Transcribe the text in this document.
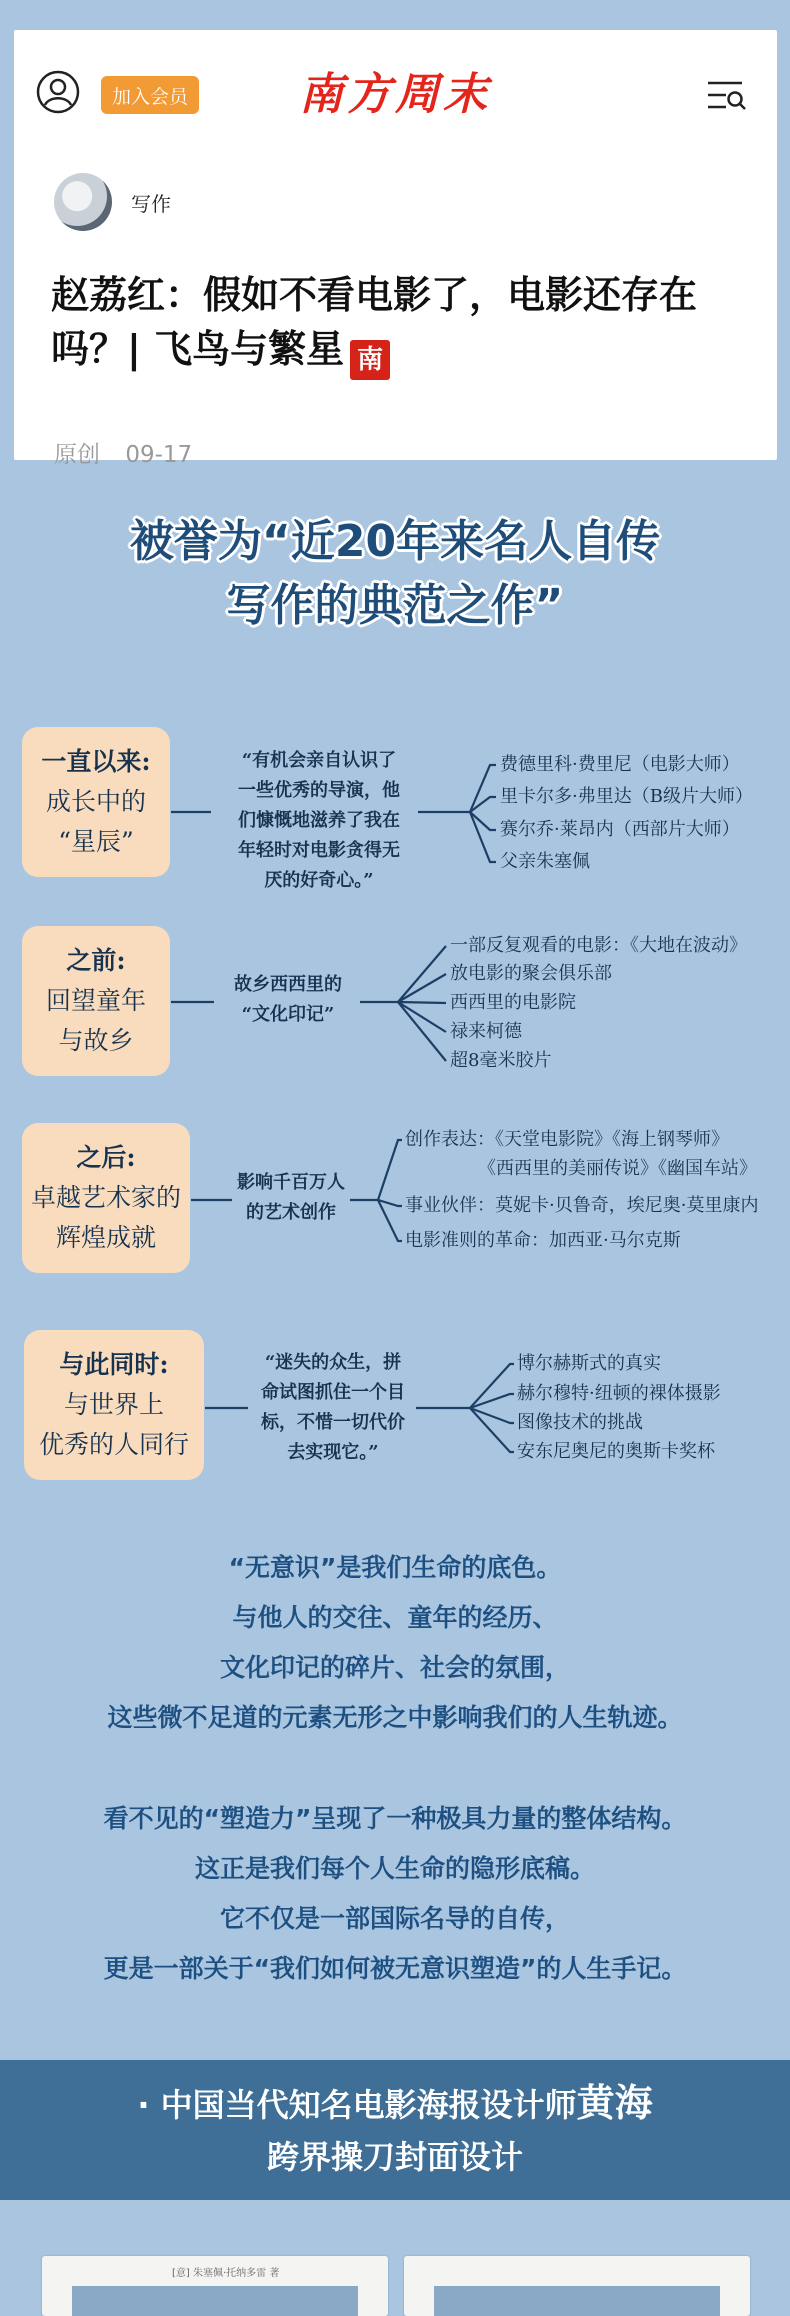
加入会员	南方周末
写作
赵荔红：假如不看电影了，电影还存在吗？| 飞鸟与繁星 南
原创 09-17
被誉为“近20年来名人自传
写作的典范之作”
一直以来:
成长中的
“星辰”
“有机会亲自认识了
一些优秀的导演，他
们慷慨地滋养了我在
年轻时对电影贪得无
厌的好奇心。”
费德里科·费里尼（电影大师）
里卡尔多·弗里达（B级片大师）
赛尔乔·莱昂内（西部片大师）
父亲朱塞佩
之前:
回望童年
与故乡
故乡西西里的
“文化印记”
一部反复观看的电影：《大地在波动》
放电影的聚会俱乐部
西西里的电影院
禄来柯德
超8毫米胶片
之后:
卓越艺术家的
辉煌成就
影响千百万人
的艺术创作
创作表达：《天堂电影院》《海上钢琴师》
《西西里的美丽传说》《幽国车站》
事业伙伴：莫妮卡·贝鲁奇，埃尼奥·莫里康内
电影准则的革命：加西亚·马尔克斯
与此同时:
与世界上
优秀的人同行
“迷失的众生，拼
命试图抓住一个目
标，不惜一切代价
去实现它。”
博尔赫斯式的真实
赫尔穆特·纽顿的裸体摄影
图像技术的挑战
安东尼奥尼的奥斯卡奖杯
“无意识”是我们生命的底色。
与他人的交往、童年的经历、
文化印记的碎片、社会的氛围，
这些微不足道的元素无形之中影响我们的人生轨迹。
看不见的“塑造力”呈现了一种极具力量的整体结构。
这正是我们每个人生命的隐形底稿。
它不仅是一部国际名导的自传，
更是一部关于“我们如何被无意识塑造”的人生手记。
· 中国当代知名电影海报设计师黄海
跨界操刀封面设计
[意] 朱塞佩·托纳多雷 著
